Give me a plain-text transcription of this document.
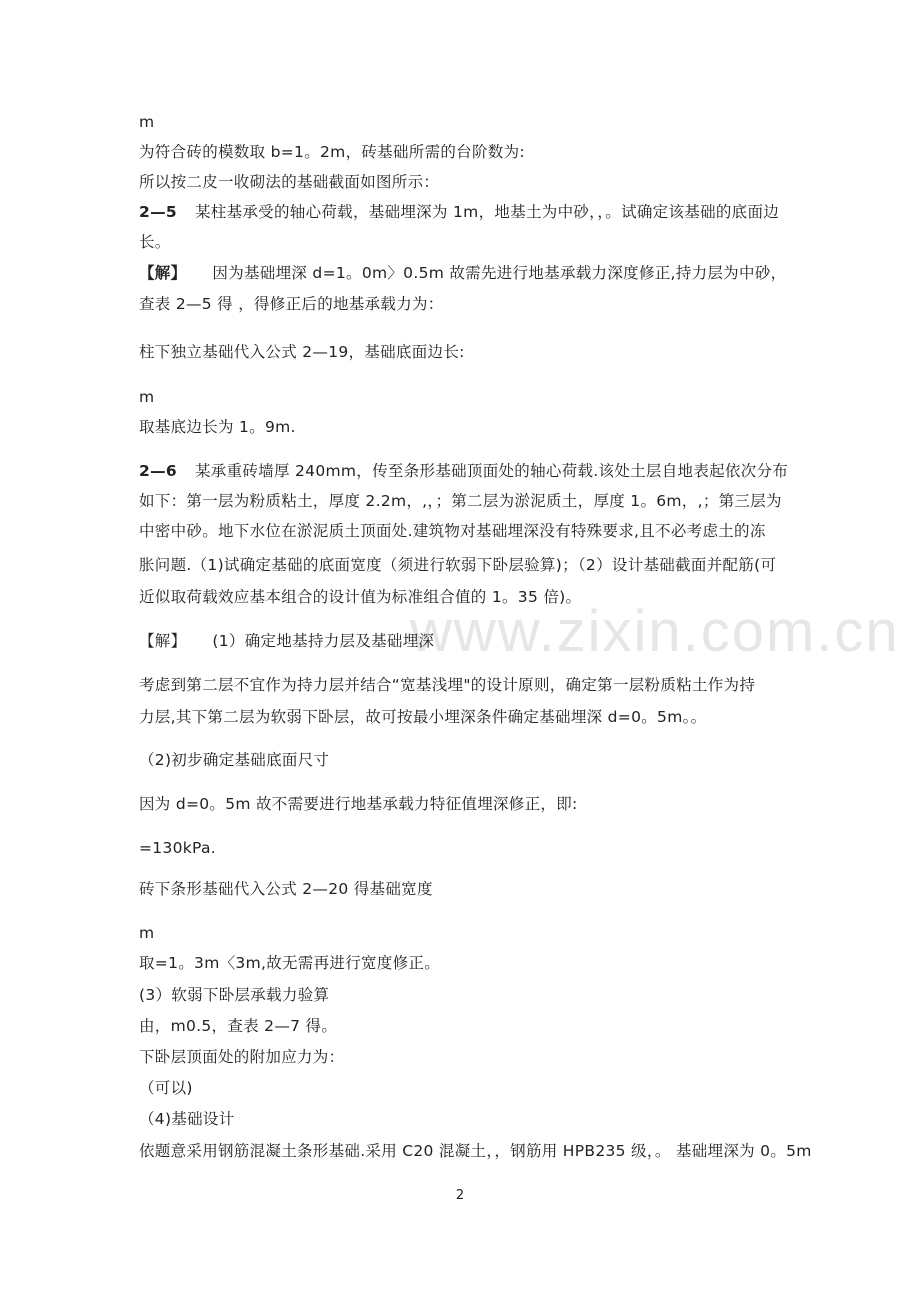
www.zixin.com.cn
m
为符合砖的模数取 b=1。2m，砖基础所需的台阶数为:
所以按二皮一收砌法的基础截面如图所示：
2—5 某柱基承受的轴心荷载，基础埋深为 1m，地基土为中砂，，。试确定该基础的底面边
长。
【解】 因为基础埋深 d=1。0m〉0.5m 故需先进行地基承载力深度修正,持力层为中砂，
查表 2—5 得 ，得修正后的地基承载力为：
柱下独立基础代入公式 2—19，基础底面边长:
m
取基底边长为 1。9m.
2—6 某承重砖墙厚 240mm，传至条形基础顶面处的轴心荷载.该处土层自地表起依次分布
如下：第一层为粉质粘土，厚度 2.2m，,，；第二层为淤泥质土，厚度 1。6m，,；第三层为
中密中砂。地下水位在淤泥质土顶面处.建筑物对基础埋深没有特殊要求,且不必考虑土的冻
胀问题.（1)试确定基础的底面宽度（须进行软弱下卧层验算)；（2）设计基础截面并配筋(可
近似取荷载效应基本组合的设计值为标准组合值的 1。35 倍)。
【解】 (1）确定地基持力层及基础埋深
考虑到第二层不宜作为持力层并结合“宽基浅埋"的设计原则，确定第一层粉质粘土作为持
力层,其下第二层为软弱下卧层，故可按最小埋深条件确定基础埋深 d=0。5m。。
（2)初步确定基础底面尺寸
因为 d=0。5m 故不需要进行地基承载力特征值埋深修正，即:
=130kPa.
砖下条形基础代入公式 2—20 得基础宽度
m
取=1。3m〈3m,故无需再进行宽度修正。
(3）软弱下卧层承载力验算
由，m0.5，查表 2—7 得。
下卧层顶面处的附加应力为：
（可以)
（4)基础设计
依题意采用钢筋混凝土条形基础.采用 C20 混凝土，，钢筋用 HPB235 级，。 基础埋深为 0。5m
2
